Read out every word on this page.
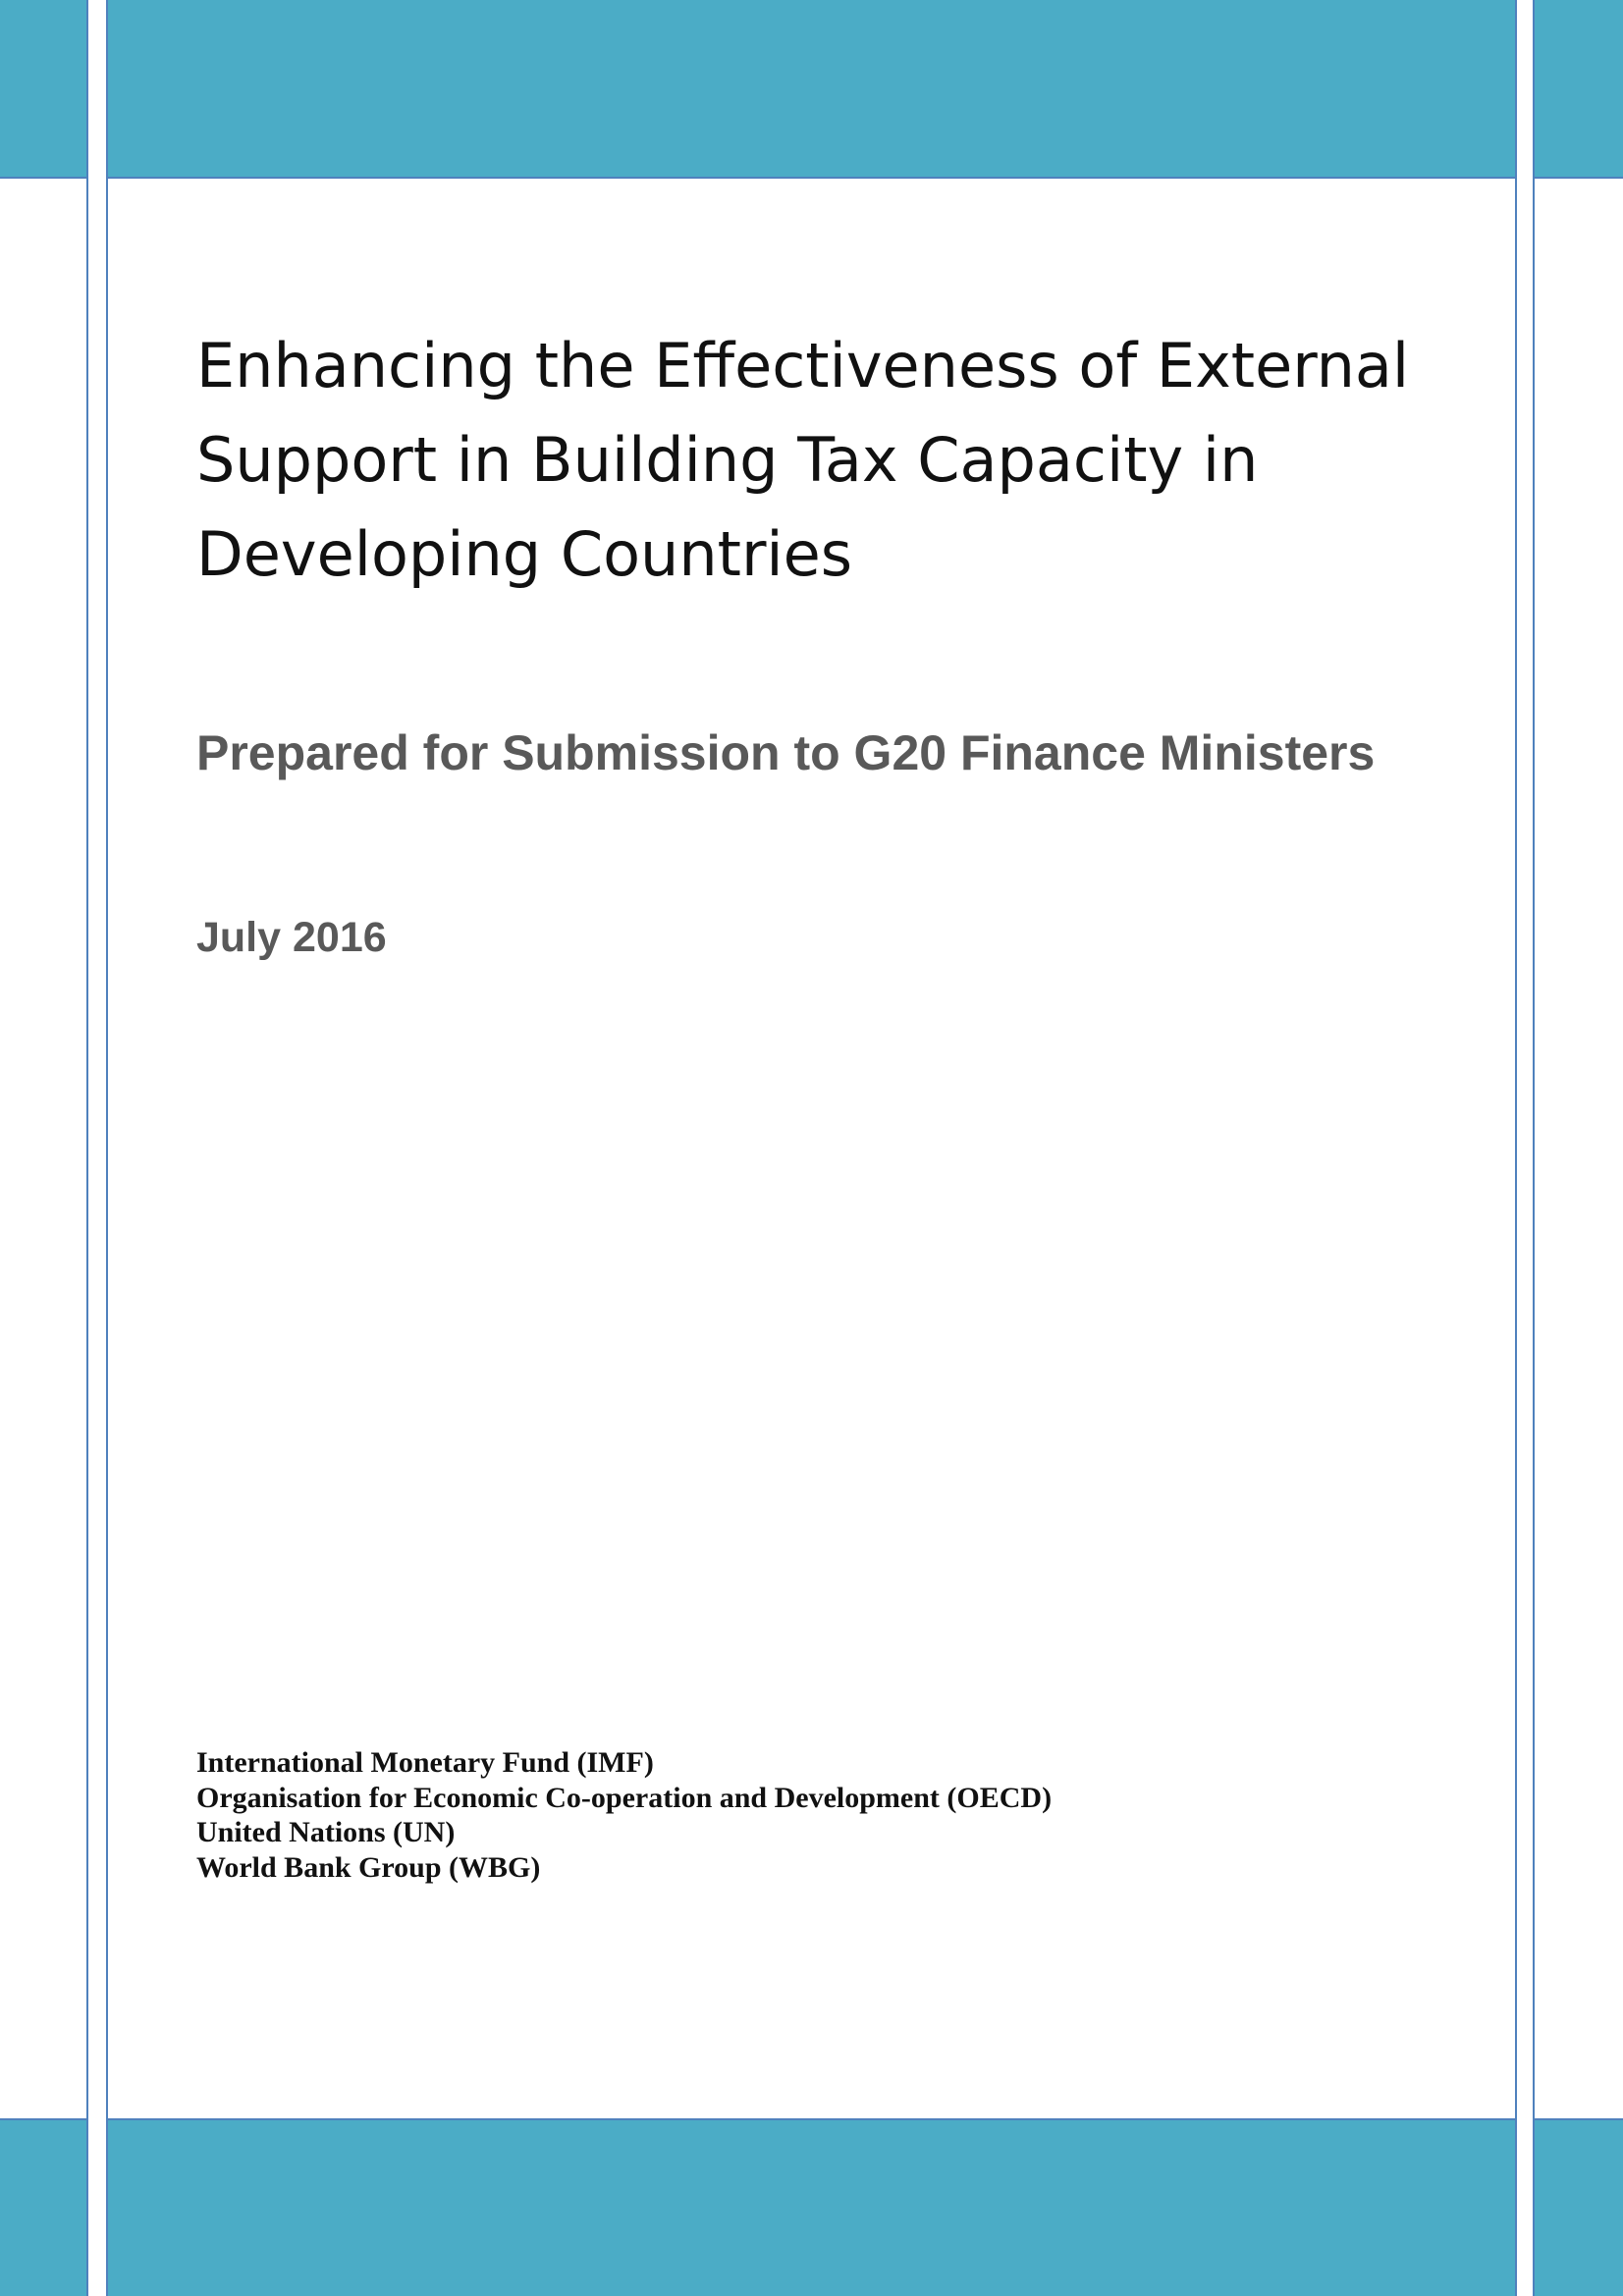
Enhancing the Effectiveness of External
Support in Building Tax Capacity in
Developing Countries
Prepared for Submission to G20 Finance Ministers
July 2016
International Monetary Fund (IMF)
Organisation for Economic Co-operation and Development (OECD)
United Nations (UN)
World Bank Group (WBG)
